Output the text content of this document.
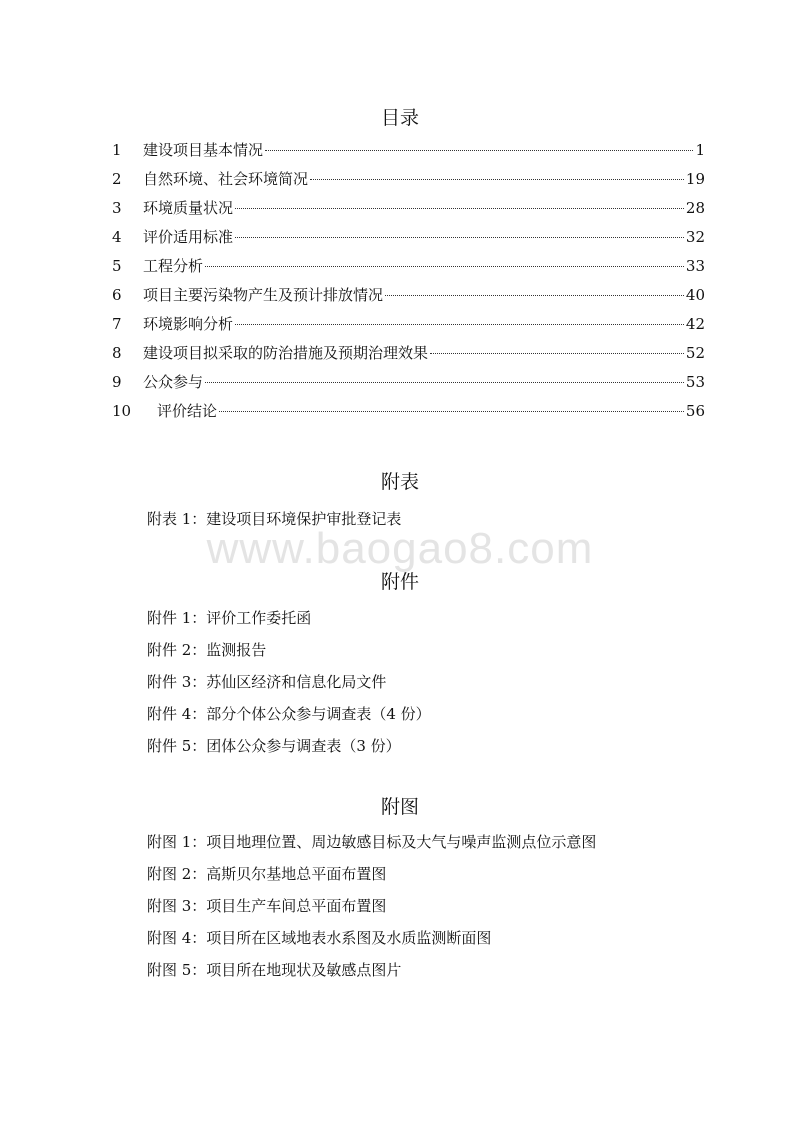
目录
1	建设项目基本情况	1
2	自然环境、社会环境简况	19
3	环境质量状况	28
4	评价适用标准	32
5	工程分析	33
6	项目主要污染物产生及预计排放情况	40
7	环境影响分析	42
8	建设项目拟采取的防治措施及预期治理效果	52
9	公众参与	53
10	评价结论	56
附表
附表 1：建设项目环境保护审批登记表
www.baogao8.com
附件
附件 1：评价工作委托函
附件 2：监测报告
附件 3：苏仙区经济和信息化局文件
附件 4：部分个体公众参与调查表（4 份）
附件 5：团体公众参与调查表（3 份）
附图
附图 1：项目地理位置、周边敏感目标及大气与噪声监测点位示意图
附图 2：高斯贝尔基地总平面布置图
附图 3：项目生产车间总平面布置图
附图 4：项目所在区域地表水系图及水质监测断面图
附图 5：项目所在地现状及敏感点图片
